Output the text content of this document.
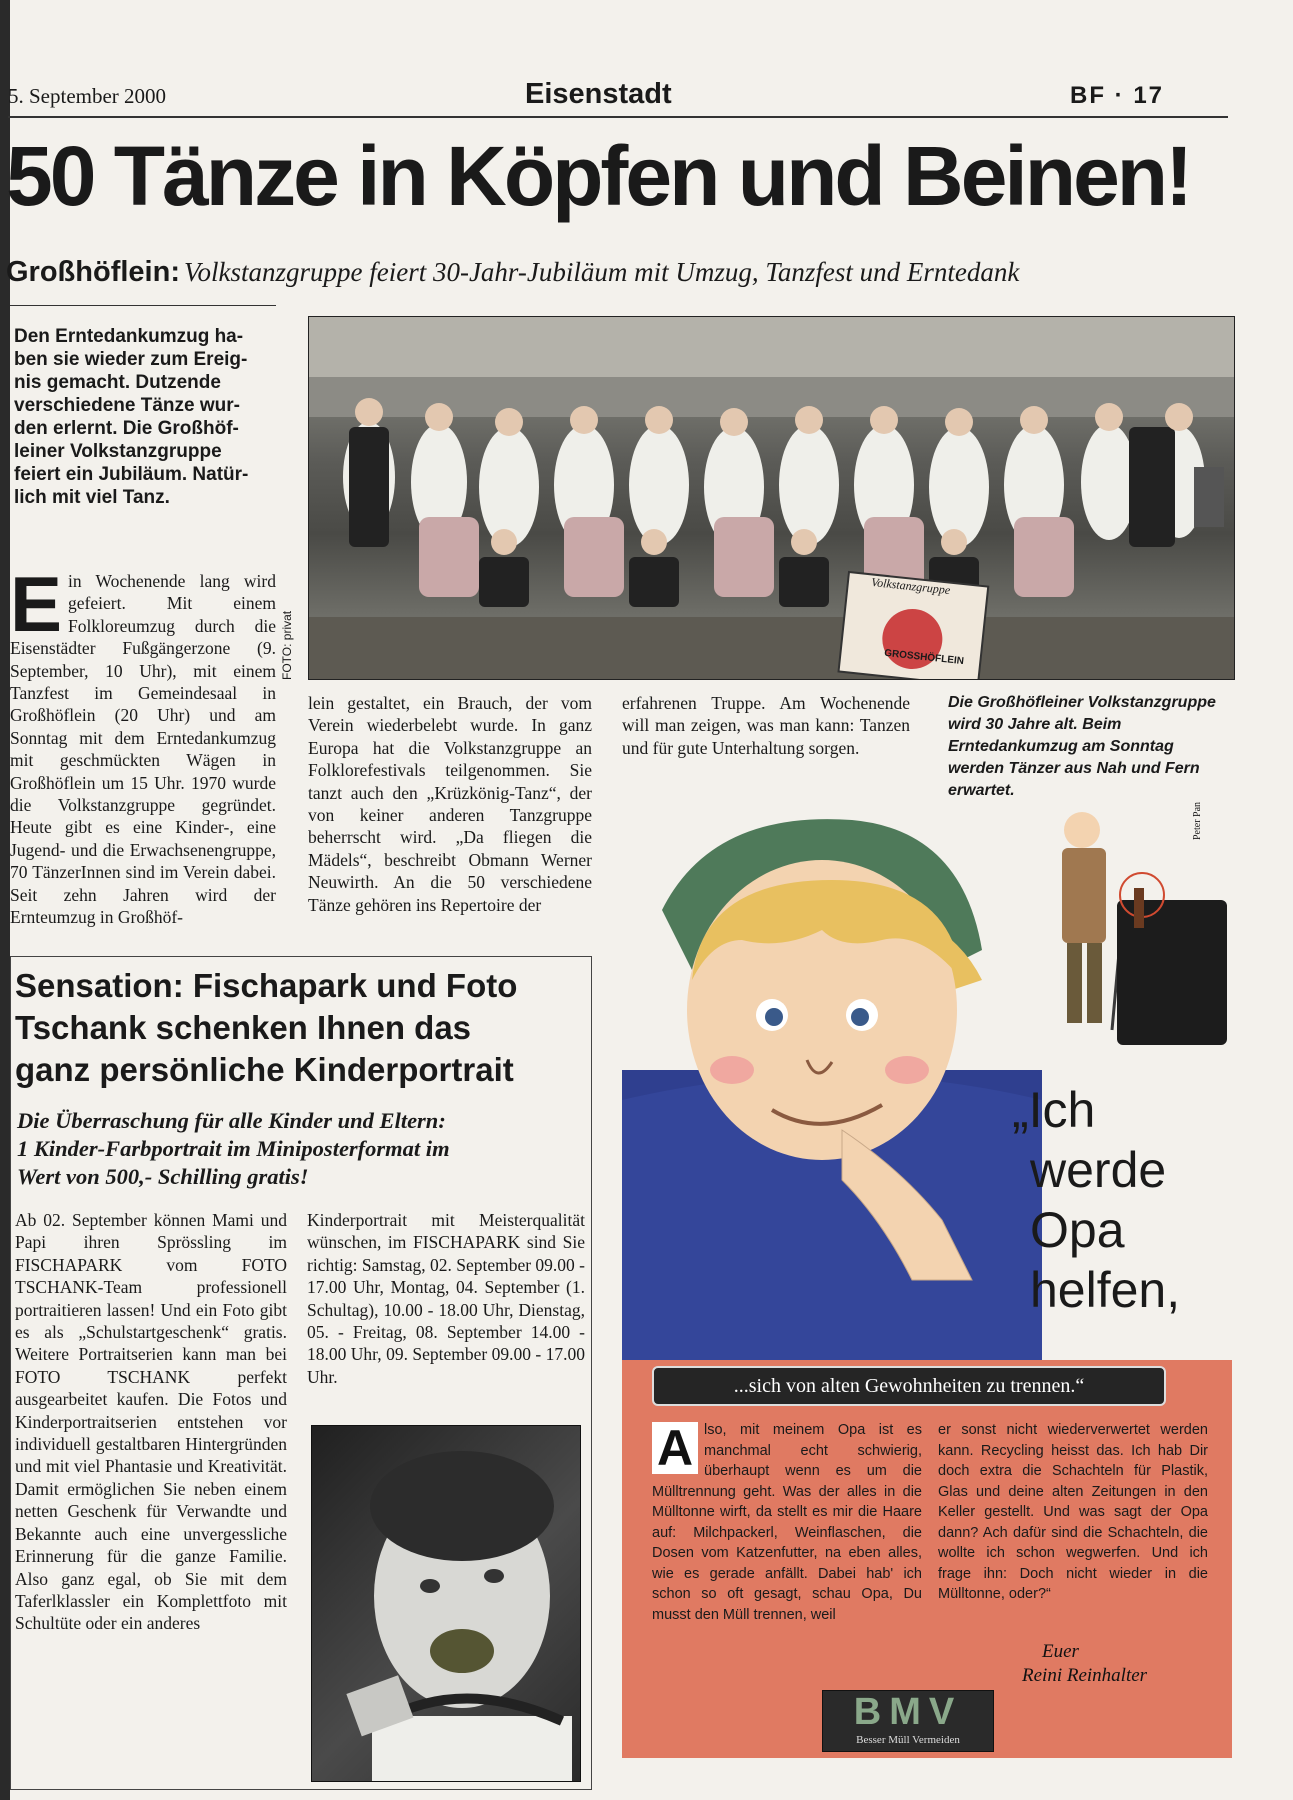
5. September 2000	Eisenstadt	BF · 17
50 Tänze in Köpfen und Beinen!
Großhöflein: Volkstanzgruppe feiert 30-Jahr-Jubiläum mit Umzug, Tanzfest und Erntedank
Den Erntedankumzug ha-
ben sie wieder zum Ereig-
nis gemacht. Dutzende
verschiedene Tänze wur-
den erlernt. Die Großhöf-
leiner Volkstanzgruppe
feiert ein Jubiläum. Natür-
lich mit viel Tanz.
E in Wochenende lang wird gefeiert. Mit einem Folkloreumzug durch die Eisenstädter Fußgängerzone (9. September, 10 Uhr), mit einem Tanzfest im Gemeindesaal in Großhöflein (20 Uhr) und am Sonntag mit dem Erntedankumzug mit geschmückten Wägen in Großhöflein um 15 Uhr. 1970 wurde die Volkstanzgruppe gegründet. Heute gibt es eine Kinder-, eine Jugend- und die Erwachsenengruppe, 70 TänzerInnen sind im Verein dabei. Seit zehn Jahren wird der Ernteumzug in Großhöf-
FOTO: privat
Volkstanzgruppe
GROSSHÖFLEIN
lein gestaltet, ein Brauch, der vom Verein wiederbelebt wurde. In ganz Europa hat die Volkstanzgruppe an Folklorefestivals teilgenommen. Sie tanzt auch den „Krüzkönig-Tanz“, der von keiner anderen Tanzgruppe beherrscht wird. „Da fliegen die Mädels“, beschreibt Obmann Werner Neuwirth. An die 50 verschiedene Tänze gehören ins Repertoire der
erfahrenen Truppe. Am Wochenende will man zeigen, was man kann: Tanzen und für gute Unterhaltung sorgen.
Die Großhöfleiner Volkstanzgruppe wird 30 Jahre alt. Beim Erntedankumzug am Sonntag werden Tänzer aus Nah und Fern erwartet.
Sensation: Fischapark und Foto
Tschank schenken Ihnen das
ganz persönliche Kinderportrait
Die Überraschung für alle Kinder und Eltern:
1 Kinder-Farbportrait im Miniposterformat im
Wert von 500,- Schilling gratis!
Ab 02. September können Mami und Papi ihren Sprössling im FISCHAPARK vom FOTO TSCHANK-Team professionell portraitieren lassen! Und ein Foto gibt es als „Schulstartgeschenk“ gratis. Weitere Portraitserien kann man bei FOTO TSCHANK perfekt ausgearbeitet kaufen. Die Fotos und Kinderportraitserien entstehen vor individuell gestaltbaren Hintergründen und mit viel Phantasie und Kreativität. Damit ermöglichen Sie neben einem netten Geschenk für Verwandte und Bekannte auch eine unvergessliche Erinnerung für die ganze Familie. Also ganz egal, ob Sie mit dem Taferlklassler ein Komplettfoto mit Schultüte oder ein anderes
Kinderportrait mit Meisterqualität wünschen, im FISCHAPARK sind Sie richtig: Samstag, 02. September 09.00 - 17.00 Uhr, Montag, 04. September (1. Schultag), 10.00 - 18.00 Uhr, Dienstag, 05. - Freitag, 08. September 14.00 - 18.00 Uhr, 09. September 09.00 - 17.00 Uhr.
Peter Pan
„Ich
werde
Opa
helfen,
...sich von alten Gewohnheiten zu trennen.“
A lso, mit meinem Opa ist es manchmal echt schwierig, überhaupt wenn es um die Mülltrennung geht. Was der alles in die Mülltonne wirft, da stellt es mir die Haare auf: Milchpackerl, Weinflaschen, die Dosen vom Katzenfutter, na eben alles, wie es gerade anfällt. Dabei hab' ich schon so oft gesagt, schau Opa, Du musst den Müll trennen, weil
er sonst nicht wiederverwertet werden kann. Recycling heisst das. Ich hab Dir doch extra die Schachteln für Plastik, Glas und deine alten Zeitungen in den Keller gestellt. Und was sagt der Opa dann? Ach dafür sind die Schachteln, die wollte ich schon wegwerfen. Und ich frage ihn: Doch nicht wieder in die Mülltonne, oder?“
Euer
Reini Reinhalter
BMV
Besser Müll Vermeiden
